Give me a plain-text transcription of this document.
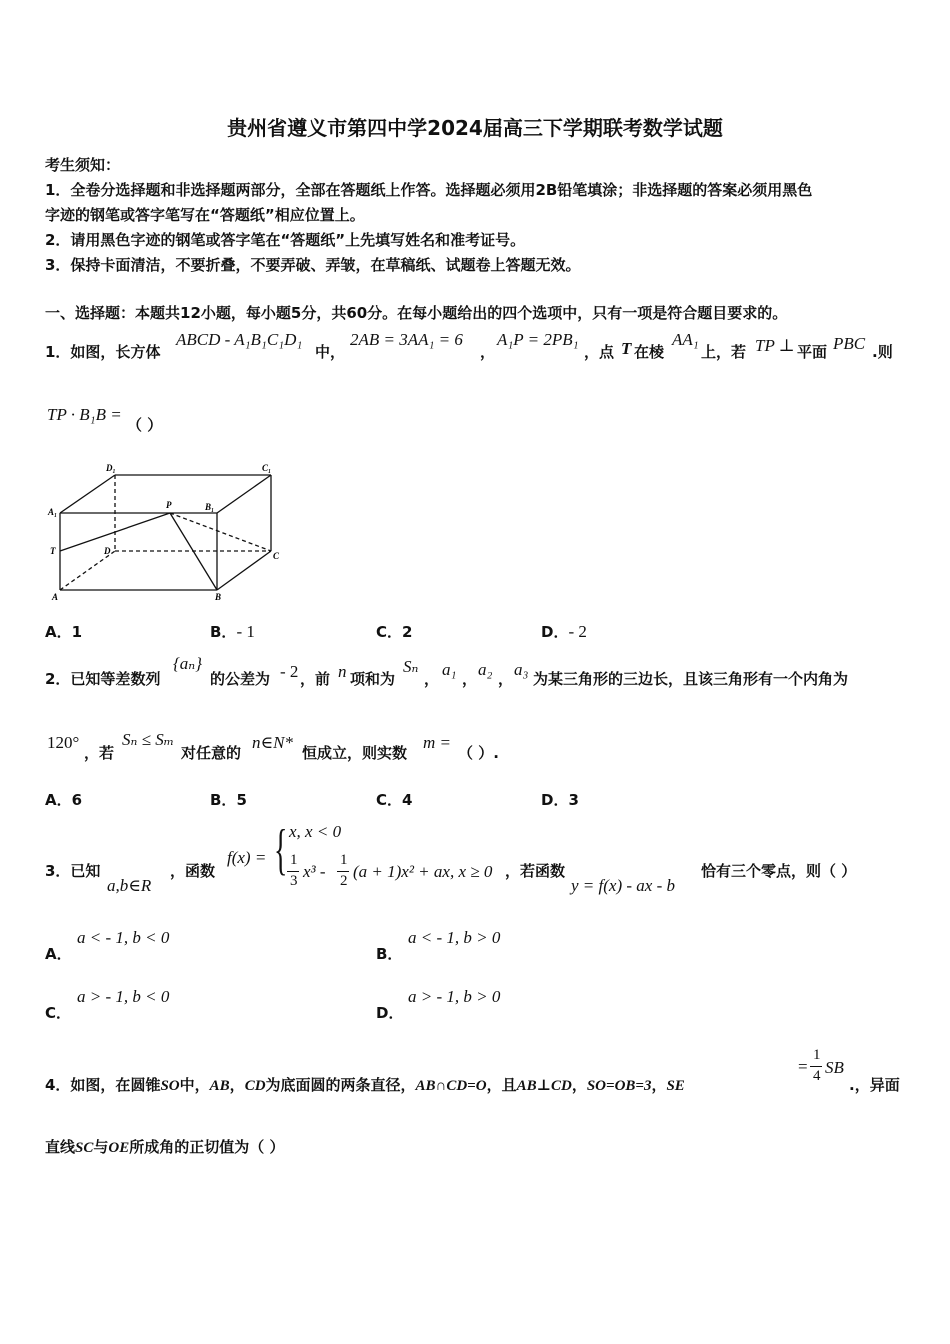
贵州省遵义市第四中学2024届高三下学期联考数学试题
考生须知：
1．全卷分选择题和非选择题两部分，全部在答题纸上作答。选择题必须用2B铅笔填涂；非选择题的答案必须用黑色
字迹的钢笔或答字笔写在“答题纸”相应位置上。
2．请用黑色字迹的钢笔或答字笔在“答题纸”上先填写姓名和准考证号。
3．保持卡面清洁，不要折叠，不要弄破、弄皱，在草稿纸、试题卷上答题无效。
一、选择题：本题共12小题，每小题5分，共60分。在每小题给出的四个选项中，只有一项是符合题目要求的。
1．如图，长方体
ABCD - A₁B₁C₁D₁
中，
2AB = 3AA₁ = 6
，
A₁P = 2PB₁
，点 T 在棱
AA₁
上，若 TP ⊥ 平面 PBC .则
TP · B₁B =
（ ）
D₁	C₁
A₁
P	B₁
T	D	C
A	B
A．1	B．- 1	C．2	D．- 2
2．已知等差数列
{aₙ}
的公差为 - 2 ，前 n 项和为
Sₙ
， a₁ ， a₂ ， a₃ 为某三角形的三边长，且该三角形有一个内角为
120°
，若
Sₙ ≤ Sₘ
对任意的
n∈N*
恒成立，则实数
m =
（ ）.
A．6	B．5	C．4	D．3
3．已知
a,b∈R
，函数
f(x) = { x, x < 0
1
3 x³ -
1
2 (a + 1)x² + ax, x ≥ 0 ，若函数
y = f(x) - ax - b
恰有三个零点，则（ ）
A．
a < - 1, b < 0
B．
a < - 1, b > 0
C．
a > - 1, b < 0
D．
a > - 1, b > 0
4．如图，在圆锥SO中，AB，CD为底面圆的两条直径，AB∩CD=O，且AB⊥CD，SO=OB=3，SE
=
1
4 SB
.，异面
直线SC与OE所成角的正切值为（ ）
